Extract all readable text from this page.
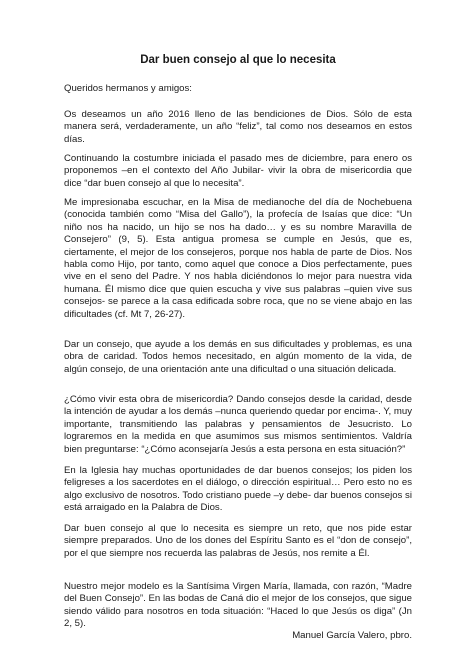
Dar buen consejo al que lo necesita

Queridos hermanos y amigos:

Os deseamos un año 2016 lleno de las bendiciones de Dios. Sólo de esta manera será, verdaderamente, un año “feliz”, tal como nos deseamos en estos días.

Continuando la costumbre iniciada el pasado mes de diciembre, para enero os proponemos –en el contexto del Año Jubilar- vivir la obra de misericordia que dice “dar buen consejo al que lo necesita”.

Me impresionaba escuchar, en la Misa de medianoche del día de Nochebuena (conocida también como “Misa del Gallo”), la profecía de Isaías que dice: “Un niño nos ha nacido, un hijo se nos ha dado… y es su nombre Maravilla de Consejero” (9, 5). Esta antigua promesa se cumple en Jesús, que es, ciertamente, el mejor de los consejeros, porque nos habla de parte de Dios. Nos habla como Hijo, por tanto, como aquel que conoce a Dios perfectamente, pues vive en el seno del Padre. Y nos habla diciéndonos lo mejor para nuestra vida humana. Él mismo dice que quien escucha y vive sus palabras –quien vive sus consejos- se parece a la casa edificada sobre roca, que no se viene abajo en las dificultades (cf. Mt 7, 26-27).

Dar un consejo, que ayude a los demás en sus dificultades y problemas, es una obra de caridad. Todos hemos necesitado, en algún momento de la vida, de algún consejo, de una orientación ante una dificultad o una situación delicada.

¿Cómo vivir esta obra de misericordia? Dando consejos desde la caridad, desde la intención de ayudar a los demás –nunca queriendo quedar por encima-. Y, muy importante, transmitiendo las palabras y pensamientos de Jesucristo. Lo lograremos en la medida en que asumimos sus mismos sentimientos. Valdría bien preguntarse: “¿Cómo aconsejaría Jesús a esta persona en esta situación?”

En la Iglesia hay muchas oportunidades de dar buenos consejos; los piden los feligreses a los sacerdotes en el diálogo, o dirección espiritual… Pero esto no es algo exclusivo de nosotros. Todo cristiano puede –y debe- dar buenos consejos si está arraigado en la Palabra de Dios.

Dar buen consejo al que lo necesita es siempre un reto, que nos pide estar siempre preparados. Uno de los dones del Espíritu Santo es el “don de consejo”, por el que siempre nos recuerda las palabras de Jesús, nos remite a Él.

Nuestro mejor modelo es la Santísima Virgen María, llamada, con razón, “Madre del Buen Consejo”. En las bodas de Caná dio el mejor de los consejos, que sigue siendo válido para nosotros en toda situación: “Haced lo que Jesús os diga” (Jn 2, 5).

Manuel García Valero, pbro.
